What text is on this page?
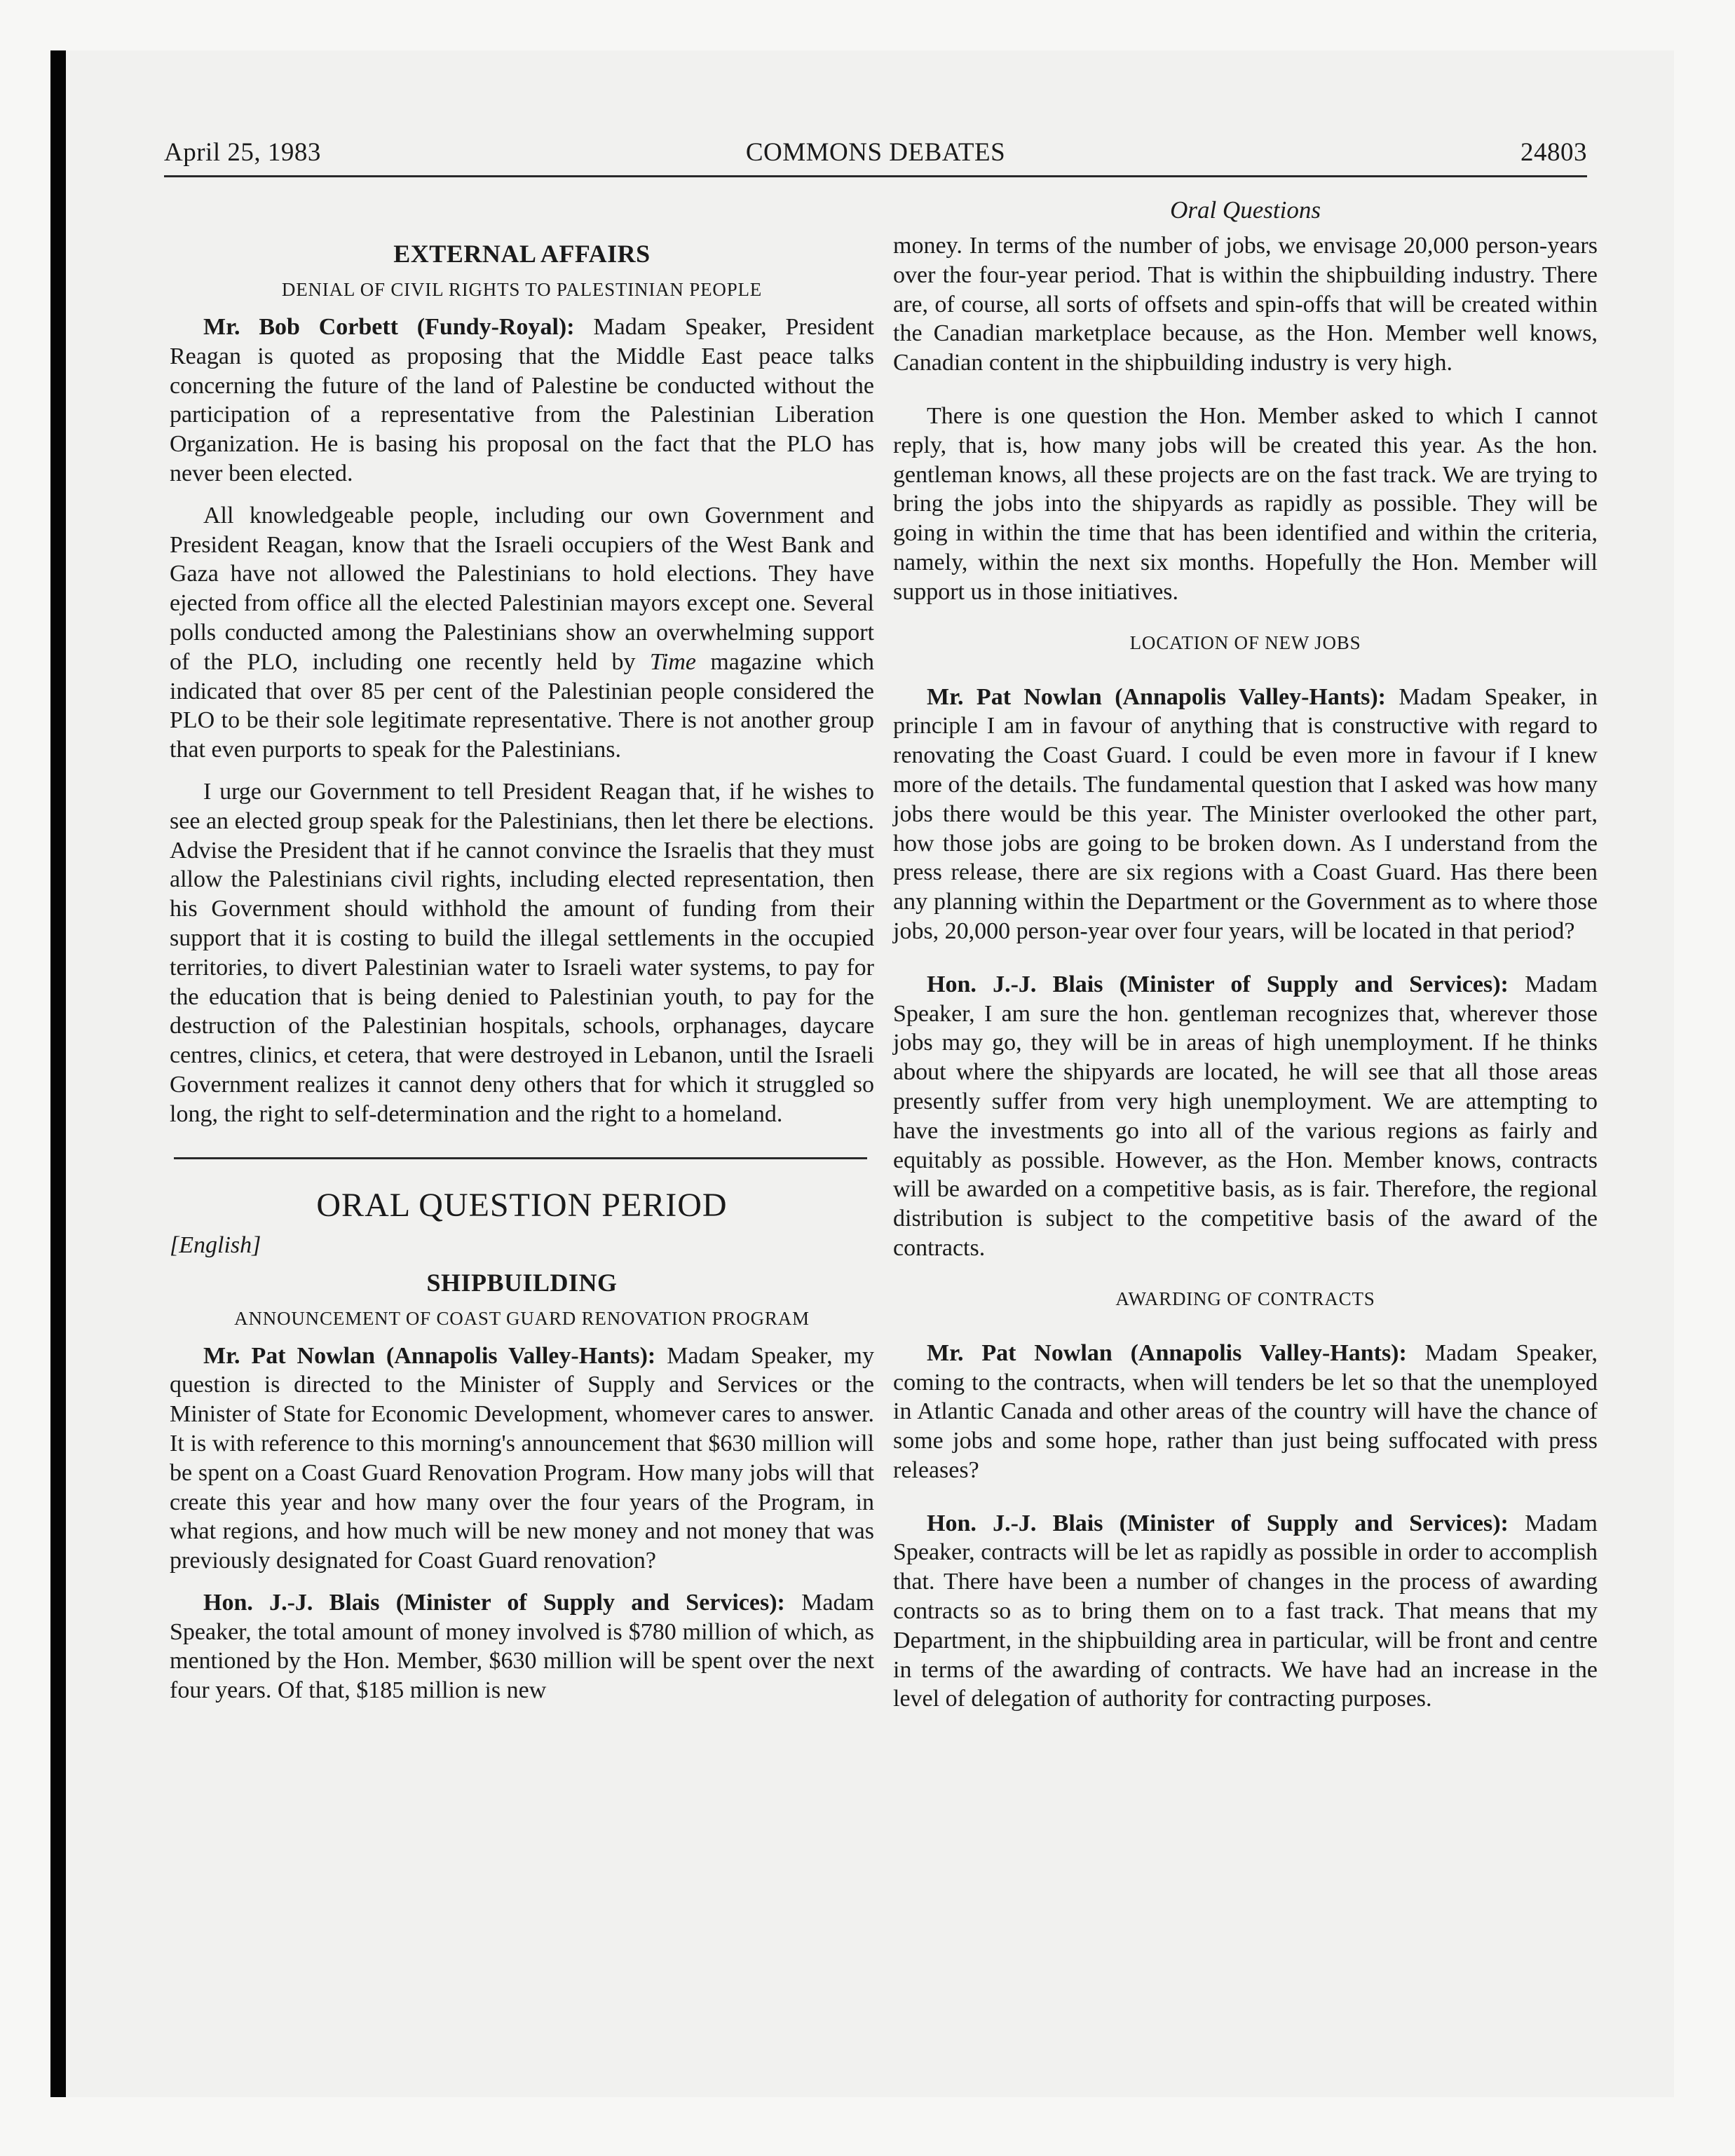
April 25, 1983	COMMONS DEBATES	24803
Oral Questions
EXTERNAL AFFAIRS
DENIAL OF CIVIL RIGHTS TO PALESTINIAN PEOPLE

Mr. Bob Corbett (Fundy-Royal): Madam Speaker, President Reagan is quoted as proposing that the Middle East peace talks concerning the future of the land of Palestine be conducted without the participation of a representative from the Palestinian Liberation Organization. He is basing his proposal on the fact that the PLO has never been elected.

All knowledgeable people, including our own Government and President Reagan, know that the Israeli occupiers of the West Bank and Gaza have not allowed the Palestinians to hold elections. They have ejected from office all the elected Palestinian mayors except one. Several polls conducted among the Palestinians show an overwhelming support of the PLO, including one recently held by Time magazine which indicated that over 85 per cent of the Palestinian people considered the PLO to be their sole legitimate representative. There is not another group that even purports to speak for the Palestinians.

I urge our Government to tell President Reagan that, if he wishes to see an elected group speak for the Palestinians, then let there be elections. Advise the President that if he cannot convince the Israelis that they must allow the Palestinians civil rights, including elected representation, then his Government should withhold the amount of funding from their support that it is costing to build the illegal settlements in the occupied territories, to divert Palestinian water to Israeli water systems, to pay for the education that is being denied to Palestinian youth, to pay for the destruction of the Palestinian hospitals, schools, orphanages, daycare centres, clinics, et cetera, that were destroyed in Lebanon, until the Israeli Government realizes it cannot deny others that for which it struggled so long, the right to self-determination and the right to a homeland.

ORAL QUESTION PERIOD
[English]
SHIPBUILDING
ANNOUNCEMENT OF COAST GUARD RENOVATION PROGRAM

Mr. Pat Nowlan (Annapolis Valley-Hants): Madam Speaker, my question is directed to the Minister of Supply and Services or the Minister of State for Economic Development, whomever cares to answer. It is with reference to this morning's announcement that $630 million will be spent on a Coast Guard Renovation Program. How many jobs will that create this year and how many over the four years of the Program, in what regions, and how much will be new money and not money that was previously designated for Coast Guard renovation?

Hon. J.-J. Blais (Minister of Supply and Services): Madam Speaker, the total amount of money involved is $780 million of which, as mentioned by the Hon. Member, $630 million will be spent over the next four years. Of that, $185 million is new

money. In terms of the number of jobs, we envisage 20,000 person-years over the four-year period. That is within the shipbuilding industry. There are, of course, all sorts of offsets and spin-offs that will be created within the Canadian marketplace because, as the Hon. Member well knows, Canadian content in the shipbuilding industry is very high.

There is one question the Hon. Member asked to which I cannot reply, that is, how many jobs will be created this year. As the hon. gentleman knows, all these projects are on the fast track. We are trying to bring the jobs into the shipyards as rapidly as possible. They will be going in within the time that has been identified and within the criteria, namely, within the next six months. Hopefully the Hon. Member will support us in those initiatives.

LOCATION OF NEW JOBS

Mr. Pat Nowlan (Annapolis Valley-Hants): Madam Speaker, in principle I am in favour of anything that is constructive with regard to renovating the Coast Guard. I could be even more in favour if I knew more of the details. The fundamental question that I asked was how many jobs there would be this year. The Minister overlooked the other part, how those jobs are going to be broken down. As I understand from the press release, there are six regions with a Coast Guard. Has there been any planning within the Department or the Government as to where those jobs, 20,000 person-year over four years, will be located in that period?

Hon. J.-J. Blais (Minister of Supply and Services): Madam Speaker, I am sure the hon. gentleman recognizes that, wherever those jobs may go, they will be in areas of high unemployment. If he thinks about where the shipyards are located, he will see that all those areas presently suffer from very high unemployment. We are attempting to have the investments go into all of the various regions as fairly and equitably as possible. However, as the Hon. Member knows, contracts will be awarded on a competitive basis, as is fair. Therefore, the regional distribution is subject to the competitive basis of the award of the contracts.

AWARDING OF CONTRACTS

Mr. Pat Nowlan (Annapolis Valley-Hants): Madam Speaker, coming to the contracts, when will tenders be let so that the unemployed in Atlantic Canada and other areas of the country will have the chance of some jobs and some hope, rather than just being suffocated with press releases?

Hon. J.-J. Blais (Minister of Supply and Services): Madam Speaker, contracts will be let as rapidly as possible in order to accomplish that. There have been a number of changes in the process of awarding contracts so as to bring them on to a fast track. That means that my Department, in the shipbuilding area in particular, will be front and centre in terms of the awarding of contracts. We have had an increase in the level of delegation of authority for contracting purposes.
